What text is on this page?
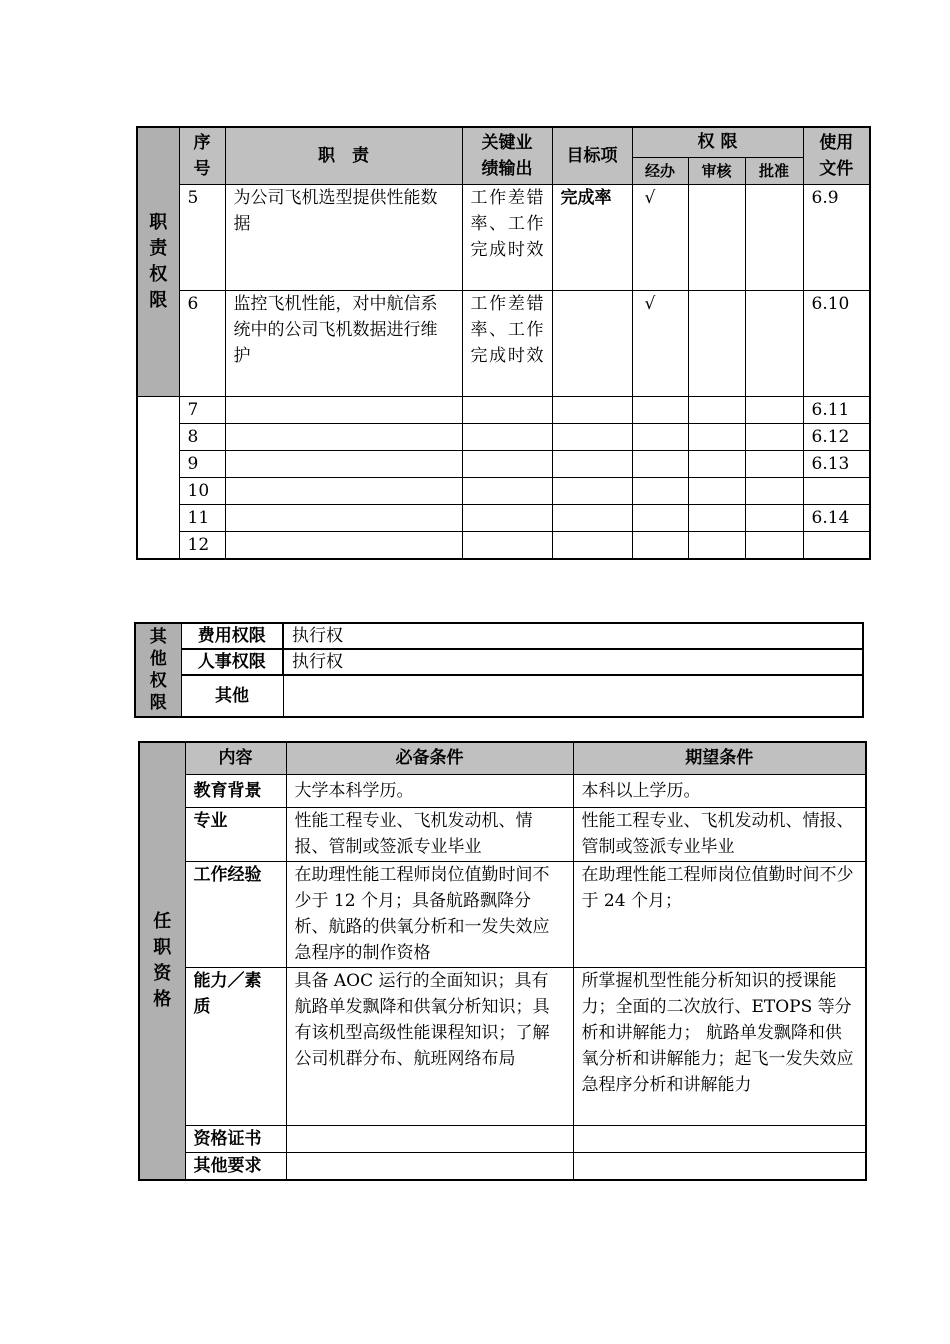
职
责
权
限	序号	职　责	关键业绩输出	目标项	权 限			使用文件
					经办	审核	批准	
	5	为公司飞机选型提供性能数据	工作差错率、工作完成时效	完成率	√			6.9
	6	监控飞机性能，对中航信系统中的公司飞机数据进行维护	工作差错率、工作完成时效		√			6.10
	7							6.11
	8							6.12
	9							6.13
	10							
	11							6.14
	12							
其
他
权
限	费用权限	执行权
	人事权限	执行权
	其他	
任
职
资
格	内容	必备条件	期望条件
	教育背景	大学本科学历。	本科以上学历。
	专业	性能工程专业、飞机发动机、情报、管制或签派专业毕业	性能工程专业、飞机发动机、情报、管制或签派专业毕业
	工作经验	在助理性能工程师岗位值勤时间不少于 12 个月；具备航路飘降分析、航路的供氧分析和一发失效应急程序的制作资格	在助理性能工程师岗位值勤时间不少于 24 个月；
	能力／素质	具备 AOC 运行的全面知识；具有航路单发飘降和供氧分析知识；具有该机型高级性能课程知识；了解公司机群分布、航班网络布局	所掌握机型性能分析知识的授课能力；全面的二次放行、ETOPS 等分析和讲解能力； 航路单发飘降和供氧分析和讲解能力；起飞一发失效应急程序分析和讲解能力
	资格证书		
	其他要求		
